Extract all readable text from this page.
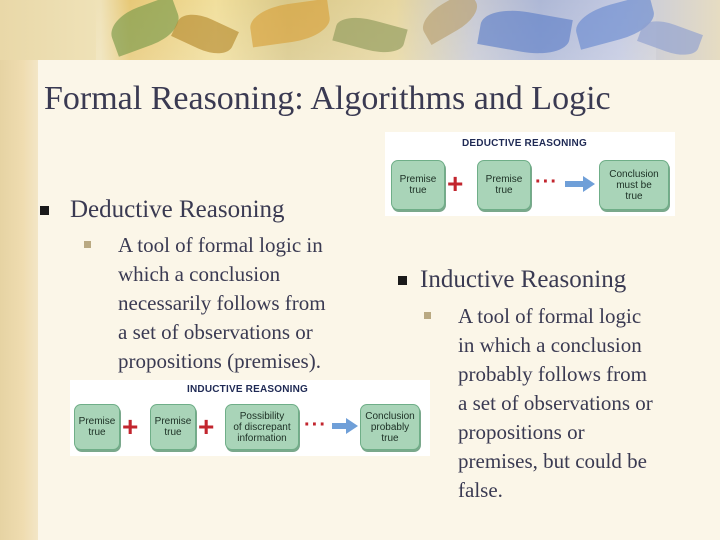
Formal Reasoning: Algorithms and Logic
Deductive Reasoning
A tool of formal logic in
which a conclusion
necessarily follows from
a set of observations or
propositions (premises).
DEDUCTIVE REASONING
Premise
true +	Premise
true	···	Conclusion
must be
true
INDUCTIVE REASONING
Premise
true +	Premise
true +	Possibility
of discrepant
information
···	Conclusion
probably
true
Inductive Reasoning
A tool of formal logic
in which a conclusion
probably follows from
a set of observations or
propositions or
premises, but could be
false.
